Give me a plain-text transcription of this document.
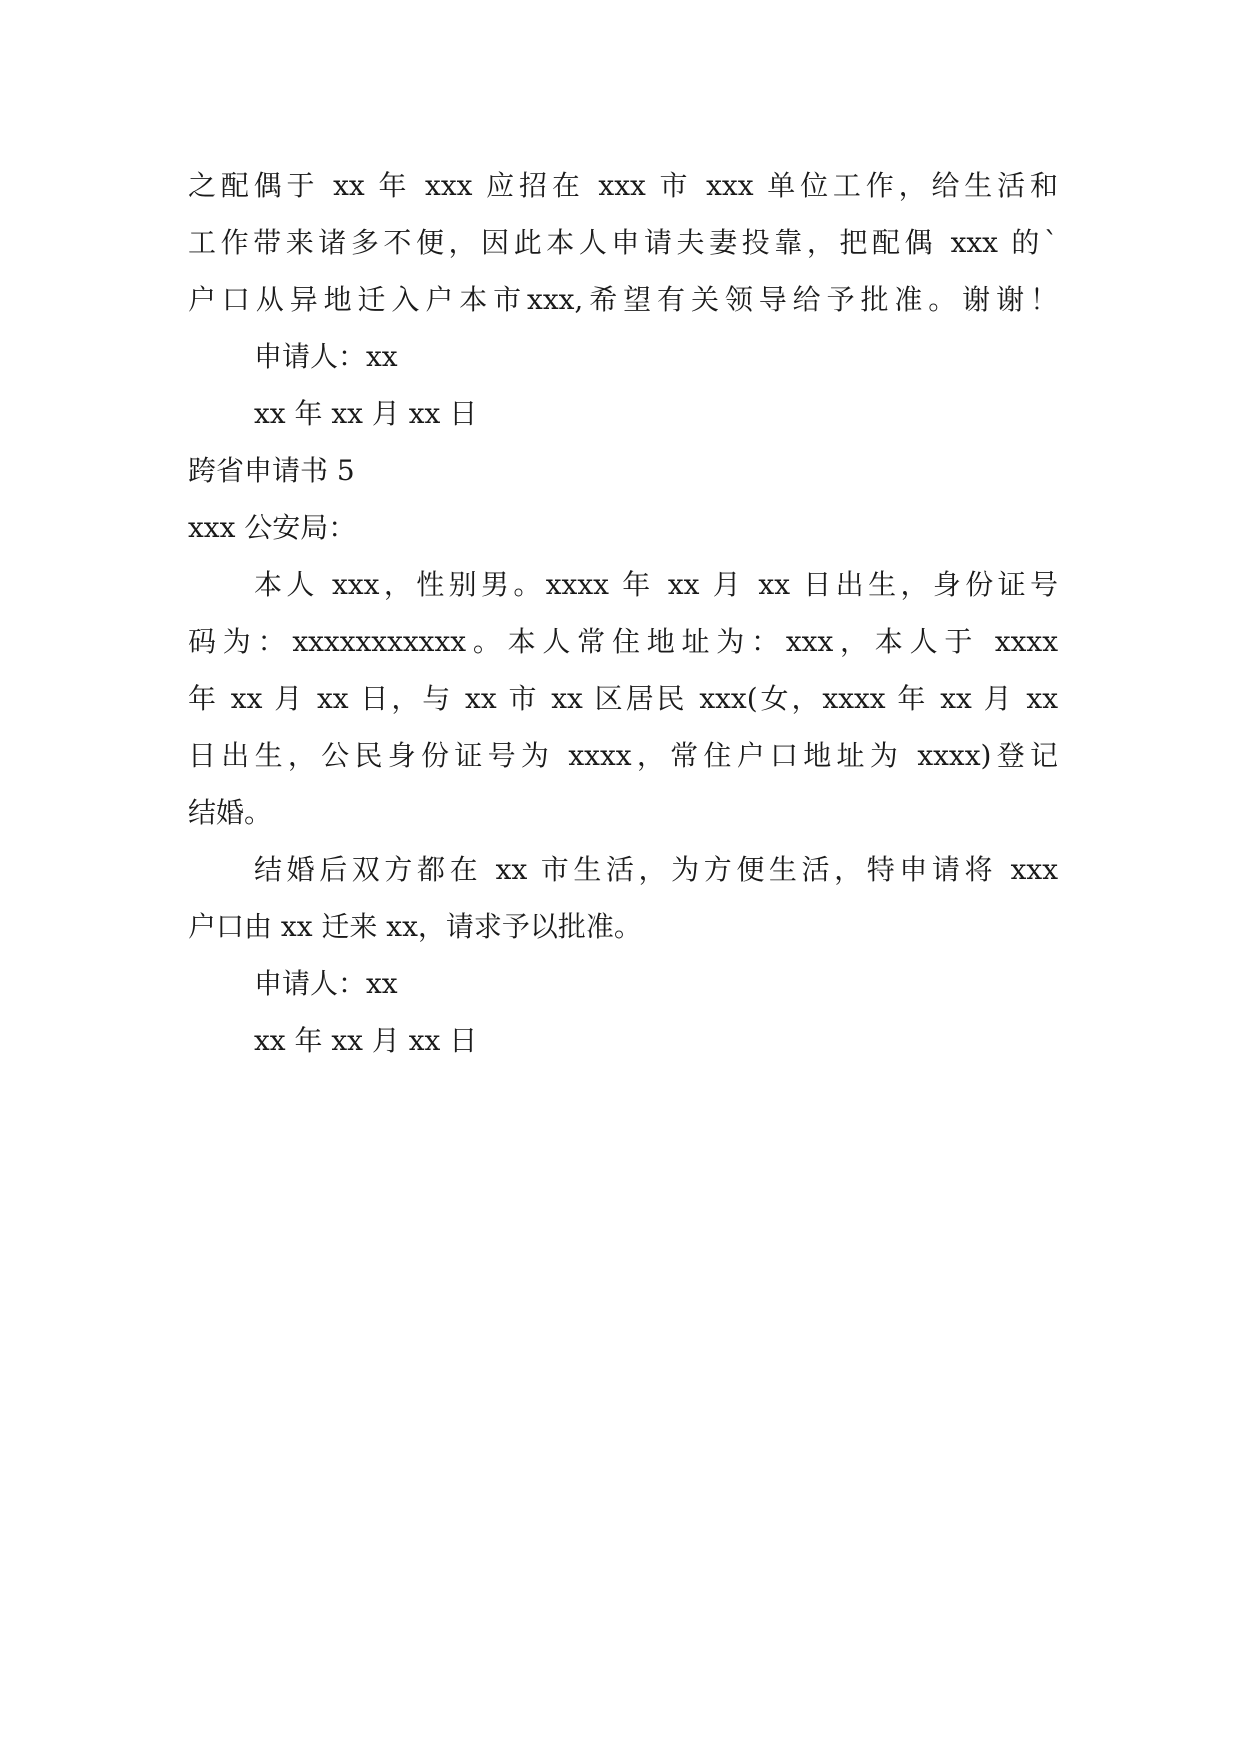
之配偶于 xx 年 xxx 应招在 xxx 市 xxx 单位工作，给生活和
工作带来诸多不便，因此本人申请夫妻投靠，把配偶 xxx 的`
户口从异地迁入户本市xxx,希望有关领导给予批准。谢谢！
申请人：xx
xx 年 xx 月 xx 日
跨省申请书 5
xxx 公安局：
本人 xxx，性别男。xxxx 年 xx 月 xx 日出生，身份证号
码为：xxxxxxxxxxx。本人常住地址为：xxx，本人于 xxxx
年 xx 月 xx 日，与 xx 市 xx 区居民 xxx(女，xxxx 年 xx 月 xx
日出生，公民身份证号为 xxxx，常住户口地址为 xxxx)登记
结婚。
结婚后双方都在 xx 市生活，为方便生活，特申请将 xxx
户口由 xx 迁来 xx，请求予以批准。
申请人：xx
xx 年 xx 月 xx 日
